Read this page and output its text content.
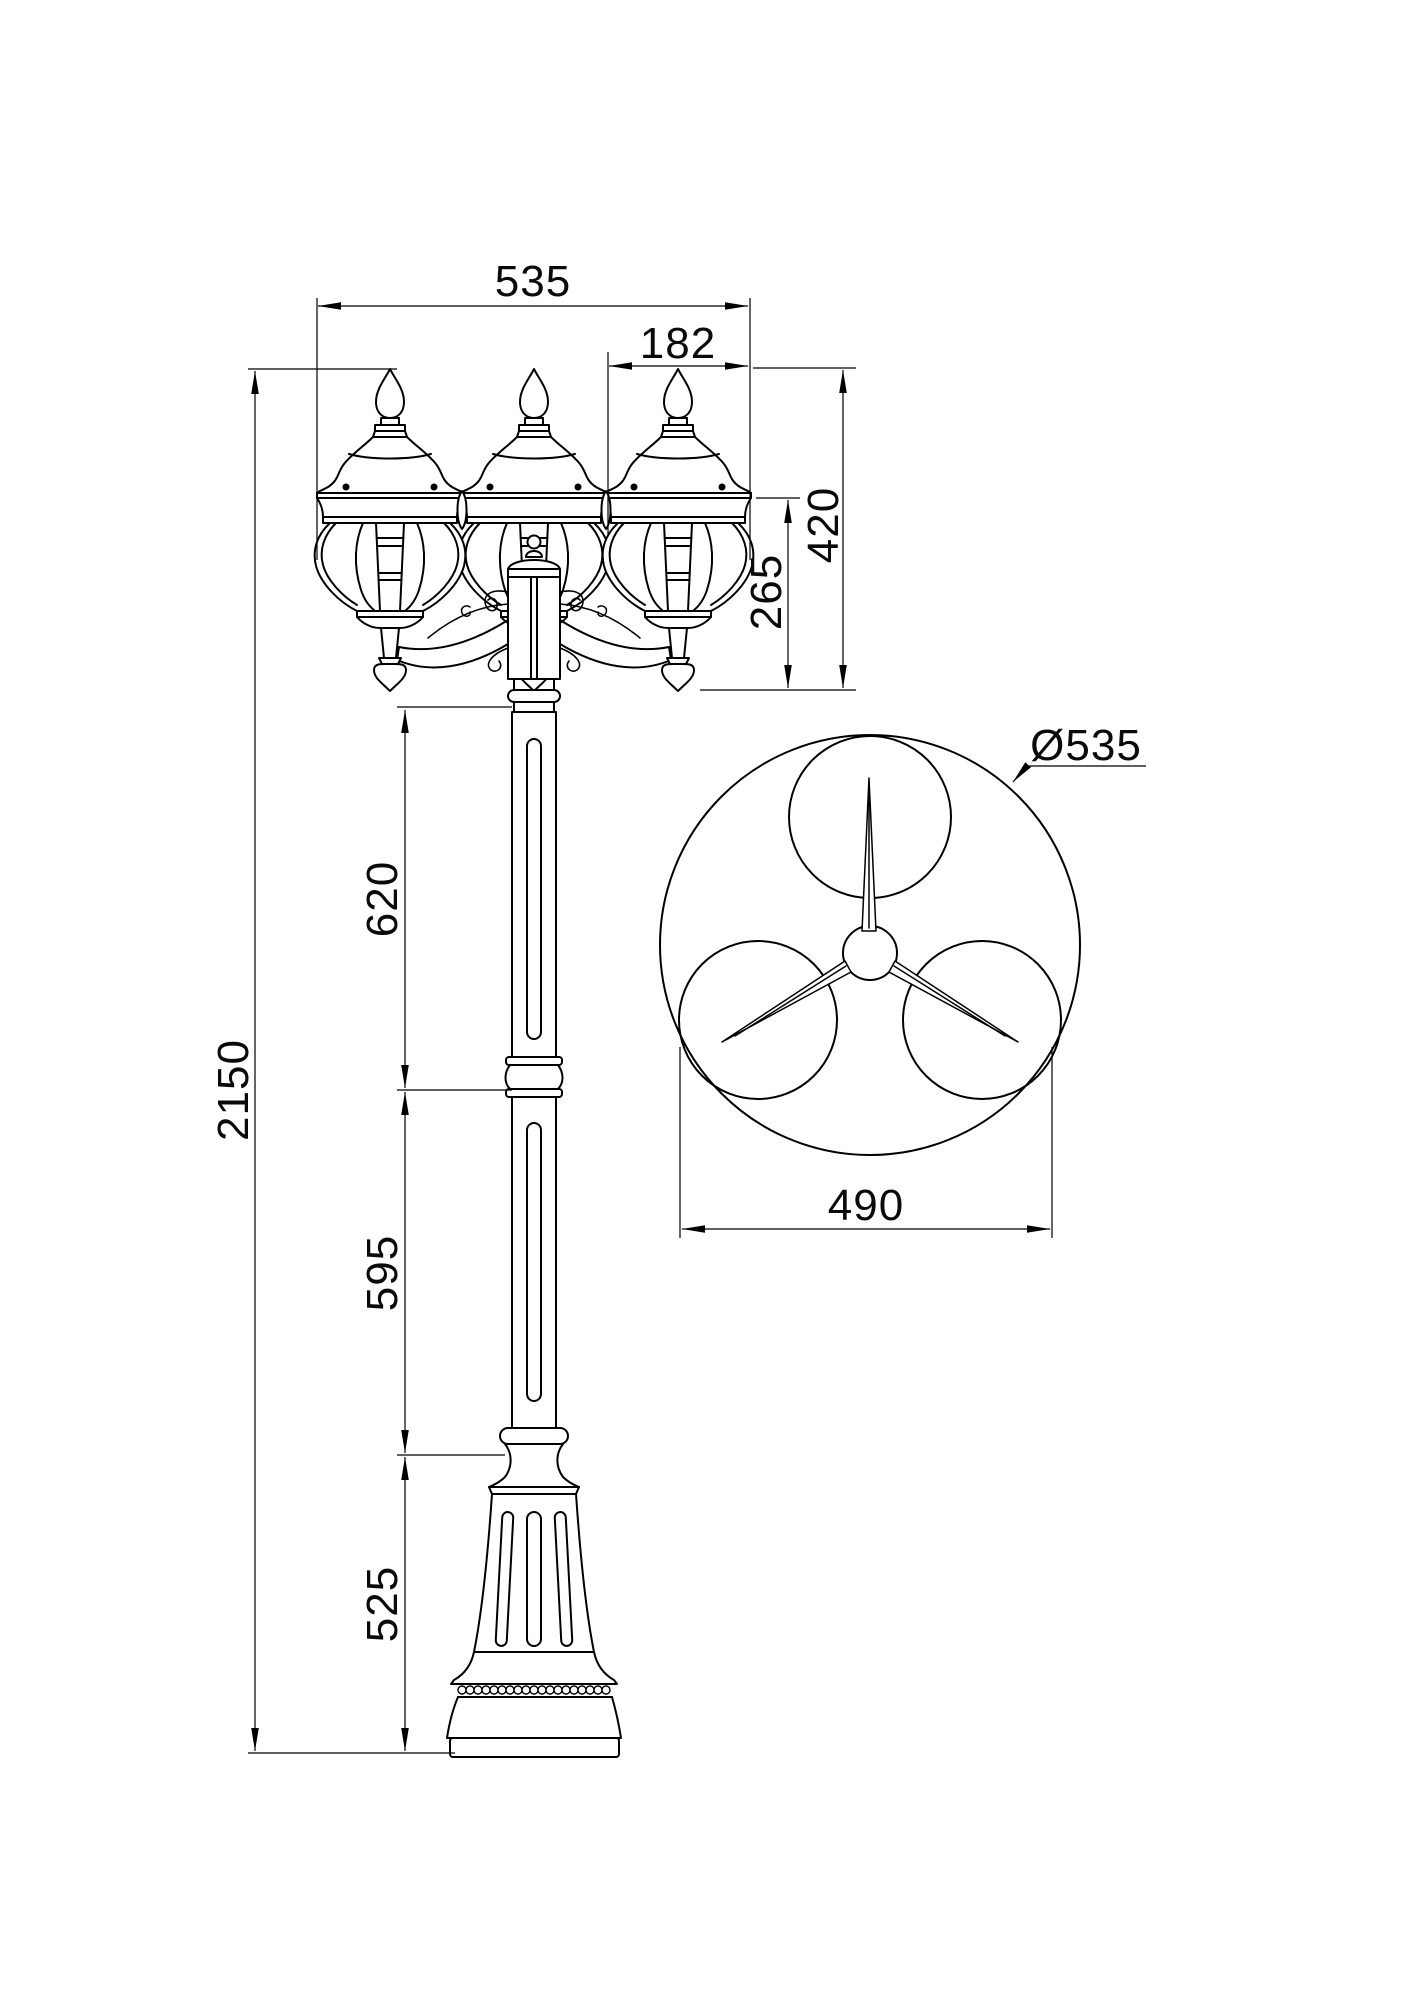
535
182
420
265
620
595
525
2150
Ø535
490
